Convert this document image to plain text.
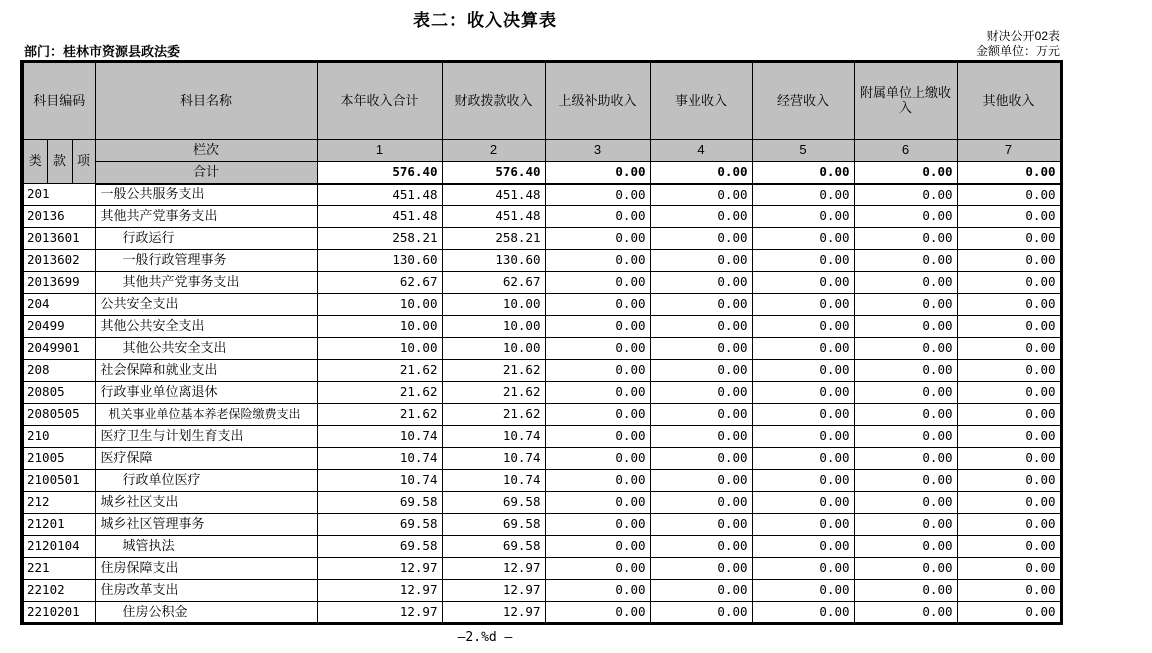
表二：收入决算表
部门：桂林市资源县政法委
财决公开02表
金额单位：万元
科目编码			科目名称	本年收入合计	财政拨款收入	上级补助收入	事业收入	经营收入	附属单位上缴收入	其他收入
类	款	项	栏次	1	2	3	4	5	6	7
			合计	576.40	576.40	0.00	0.00	0.00	0.00	0.00
201			一般公共服务支出	451.48	451.48	0.00	0.00	0.00	0.00	0.00
20136			其他共产党事务支出	451.48	451.48	0.00	0.00	0.00	0.00	0.00
2013601			行政运行	258.21	258.21	0.00	0.00	0.00	0.00	0.00
2013602			一般行政管理事务	130.60	130.60	0.00	0.00	0.00	0.00	0.00
2013699			其他共产党事务支出	62.67	62.67	0.00	0.00	0.00	0.00	0.00
204			公共安全支出	10.00	10.00	0.00	0.00	0.00	0.00	0.00
20499			其他公共安全支出	10.00	10.00	0.00	0.00	0.00	0.00	0.00
2049901			其他公共安全支出	10.00	10.00	0.00	0.00	0.00	0.00	0.00
208			社会保障和就业支出	21.62	21.62	0.00	0.00	0.00	0.00	0.00
20805			行政事业单位离退休	21.62	21.62	0.00	0.00	0.00	0.00	0.00
2080505			机关事业单位基本养老保险缴费支出	21.62	21.62	0.00	0.00	0.00	0.00	0.00
210			医疗卫生与计划生育支出	10.74	10.74	0.00	0.00	0.00	0.00	0.00
21005			医疗保障	10.74	10.74	0.00	0.00	0.00	0.00	0.00
2100501			行政单位医疗	10.74	10.74	0.00	0.00	0.00	0.00	0.00
212			城乡社区支出	69.58	69.58	0.00	0.00	0.00	0.00	0.00
21201			城乡社区管理事务	69.58	69.58	0.00	0.00	0.00	0.00	0.00
2120104			城管执法	69.58	69.58	0.00	0.00	0.00	0.00	0.00
221			住房保障支出	12.97	12.97	0.00	0.00	0.00	0.00	0.00
22102			住房改革支出	12.97	12.97	0.00	0.00	0.00	0.00	0.00
2210201			住房公积金	12.97	12.97	0.00	0.00	0.00	0.00	0.00
—2.%d —
